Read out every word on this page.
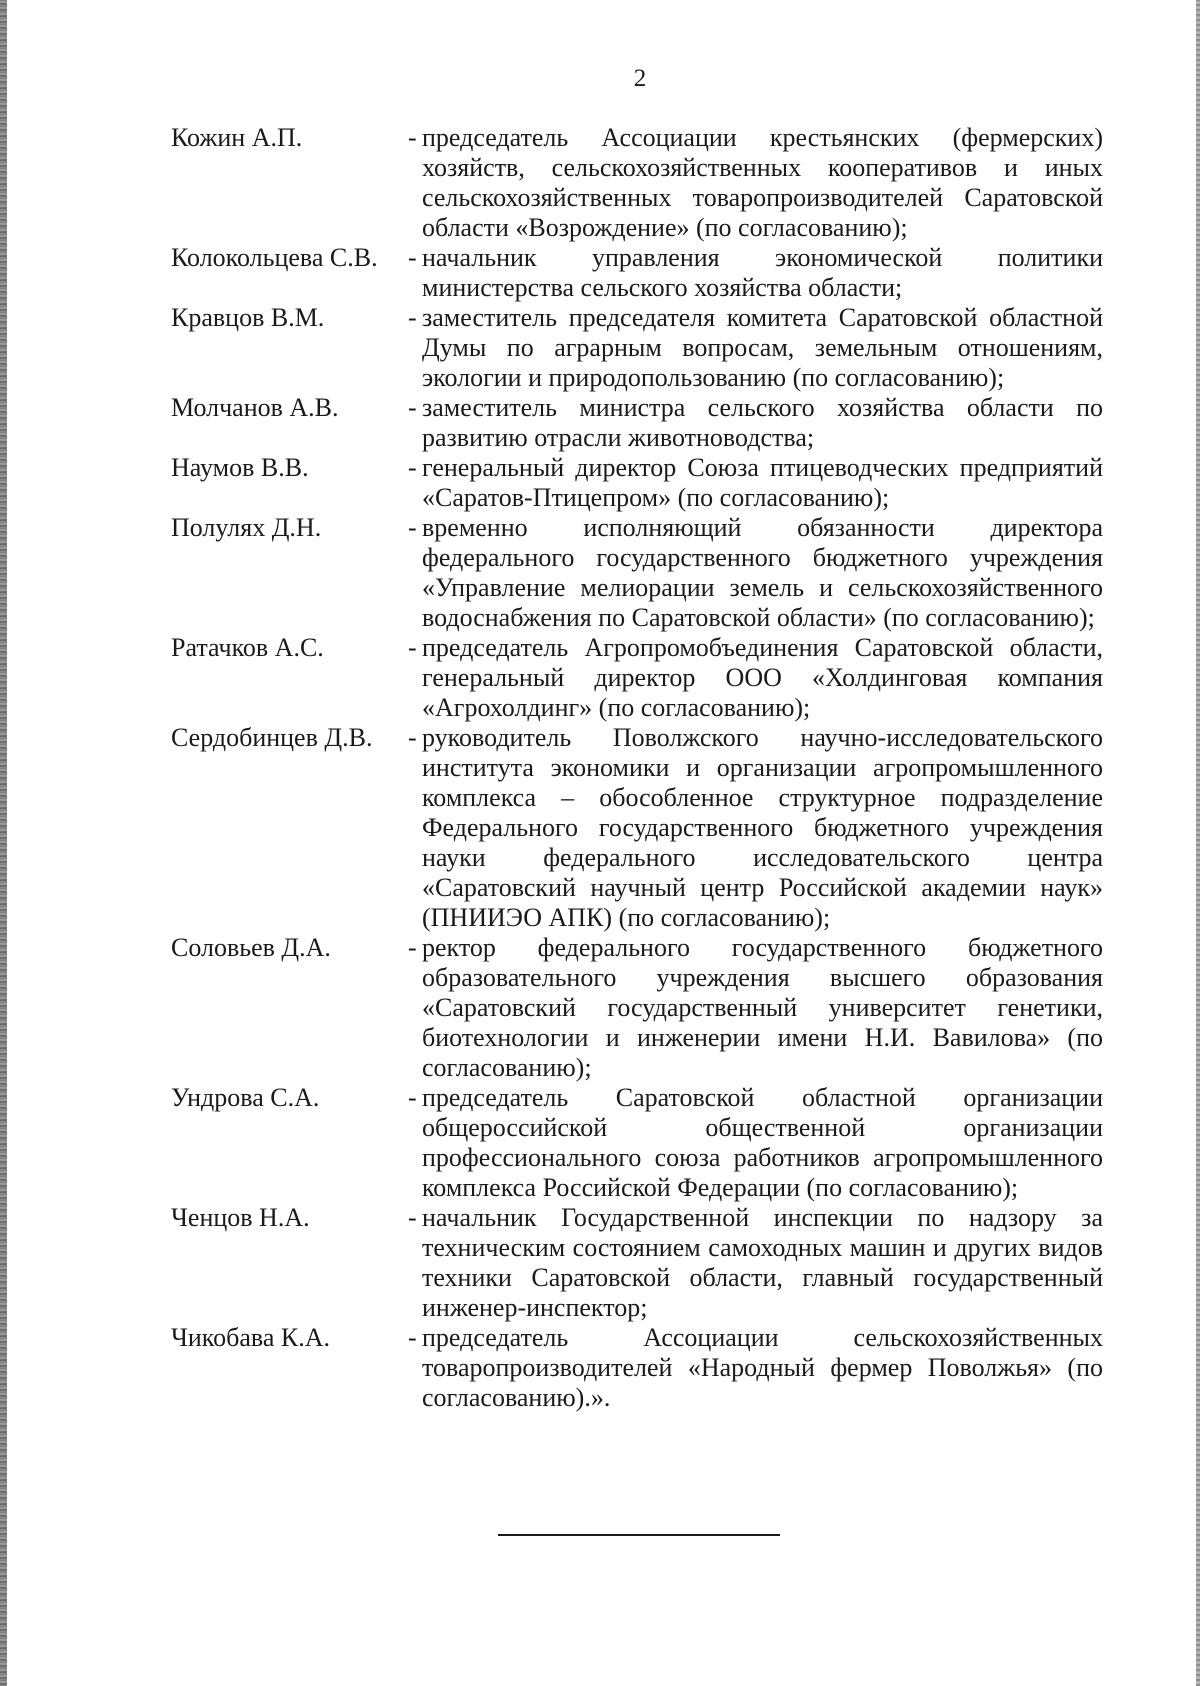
2
Кожин А.П.	- председатель Ассоциации крестьянских (фермерских) хозяйств, сельскохозяйственных кооперативов и иных сельскохозяйственных товаропроизводителей Саратовской области «Возрождение» (по согласованию);
Колокольцева С.В.	- начальник управления экономической политики министерства сельского хозяйства области;
Кравцов В.М.	- заместитель председателя комитета Саратовской областной Думы по аграрным вопросам, земельным отношениям, экологии и природопользованию (по согласованию);
Молчанов А.В.	- заместитель министра сельского хозяйства области по развитию отрасли животноводства;
Наумов В.В.	- генеральный директор Союза птицеводческих предприятий «Саратов-Птицепром» (по согласованию);
Полулях Д.Н.	- временно исполняющий обязанности директора федерального государственного бюджетного учреждения «Управление мелиорации земель и сельскохозяйственного водоснабжения по Саратовской области» (по согласованию);
Ратачков А.С.	- председатель Агропромобъединения Саратовской области, генеральный директор ООО «Холдинговая компания «Агрохолдинг» (по согласованию);
Сердобинцев Д.В.	- руководитель Поволжского научно-исследовательского института экономики и организации агропромышленного комплекса – обособленное структурное подразделение Федерального государственного бюджетного учреждения науки федерального исследовательского центра «Саратовский научный центр Российской академии наук» (ПНИИЭО АПК) (по согласованию);
Соловьев Д.А.	- ректор федерального государственного бюджетного образовательного учреждения высшего образования «Саратовский государственный университет генетики, биотехнологии и инженерии имени Н.И. Вавилова» (по согласованию);
Ундрова С.А.	- председатель Саратовской областной организации общероссийской общественной организации профессионального союза работников агропромышленного комплекса Российской Федерации (по согласованию);
Ченцов Н.А.	- начальник Государственной инспекции по надзору за техническим состоянием самоходных машин и других видов техники Саратовской области, главный государственный инженер-инспектор;
Чикобава К.А.	- председатель Ассоциации сельскохозяйственных товаропроизводителей «Народный фермер Поволжья» (по согласованию).».
